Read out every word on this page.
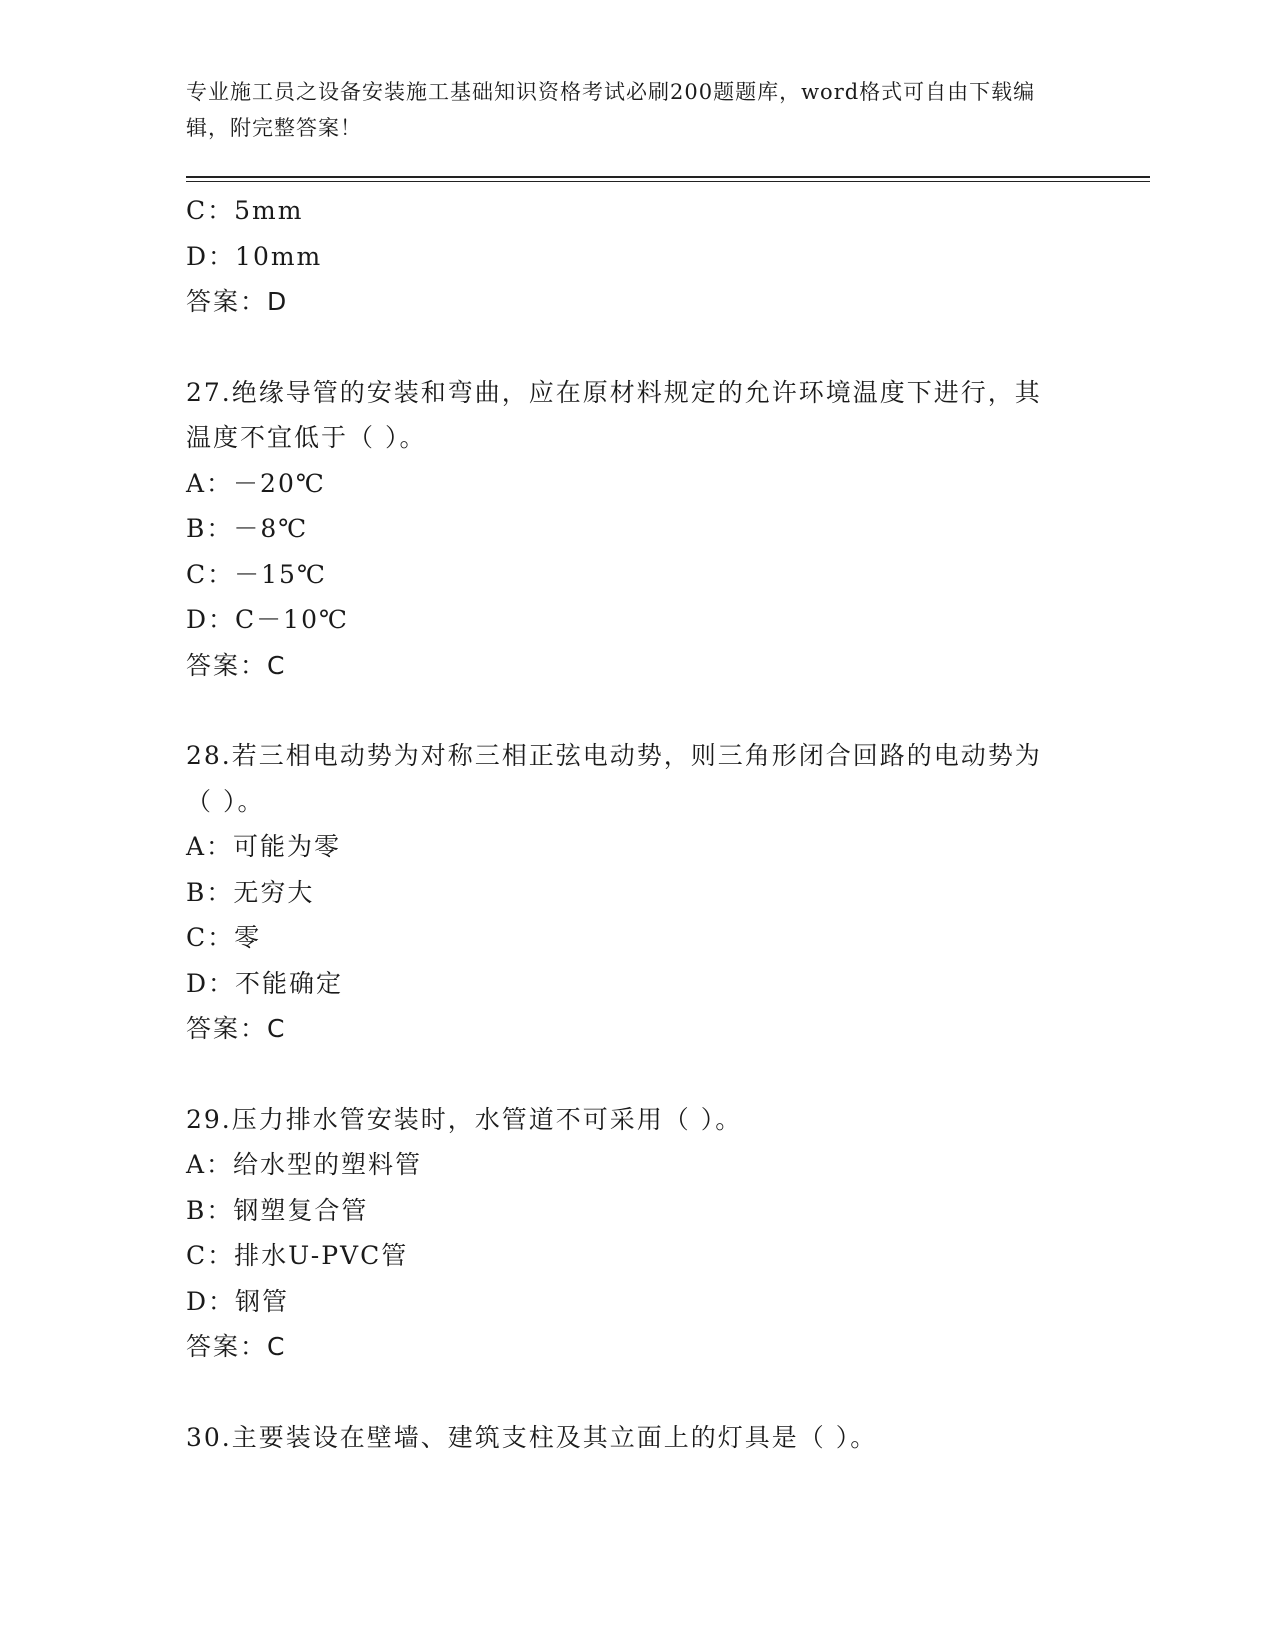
专业施工员之设备安装施工基础知识资格考试必刷200题题库，word格式可自由下载编辑，附完整答案！

C：5mm

D：10mm

答案：D

27.绝缘导管的安装和弯曲，应在原材料规定的允许环境温度下进行，其温度不宜低于（ ）。

A：－20℃

B：－8℃

C：－15℃

D：C－10℃

答案：C

28.若三相电动势为对称三相正弦电动势，则三角形闭合回路的电动势为（ ）。

A：可能为零

B：无穷大

C：零

D：不能确定

答案：C

29.压力排水管安装时，水管道不可采用（ ）。

A：给水型的塑料管

B：钢塑复合管

C：排水U-PVC管

D：钢管

答案：C

30.主要装设在壁墙、建筑支柱及其立面上的灯具是（ ）。
